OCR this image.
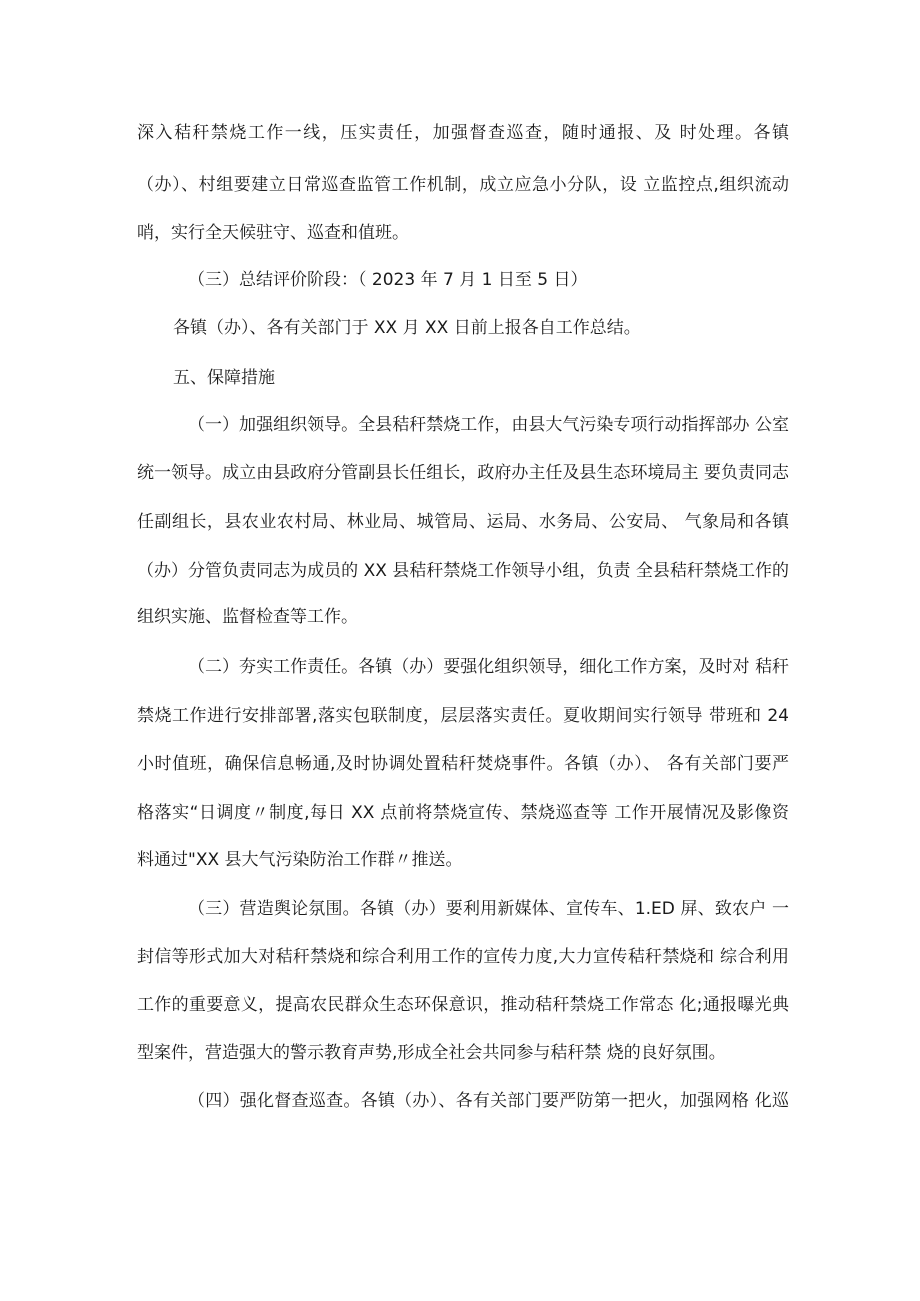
深入秸秆禁烧工作一线，压实责任，加强督查巡查，随时通报、及 时处理。各镇
（办）、村组要建立日常巡查监管工作机制，成立应急小分队，设 立监控点,组织流动
哨，实行全天候驻守、巡查和值班。
（三）总结评价阶段：（ 2023 年 7 月 1 日至 5 日）
各镇（办）、各有关部门于 XX 月 XX 日前上报各自工作总结。
五、保障措施
（一）加强组织领导。全县秸秆禁烧工作，由县大气污染专项行动指挥部办 公室
统一领导。成立由县政府分管副县长任组长，政府办主任及县生态环境局主 要负责同志
任副组长，县农业农村局、林业局、城管局、运局、水务局、公安局、 气象局和各镇
（办）分管负责同志为成员的 XX 县秸秆禁烧工作领导小组，负责 全县秸秆禁烧工作的
组织实施、监督检查等工作。
（二）夯实工作责任。各镇（办）要强化组织领导，细化工作方案，及时对 秸秆
禁烧工作进行安排部署,落实包联制度，层层落实责任。夏收期间实行领导 带班和 24
小时值班，确保信息畅通,及时协调处置秸秆焚烧事件。各镇（办）、 各有关部门要严
格落实“日调度〃制度,每日 XX 点前将禁烧宣传、禁烧巡查等 工作开展情况及影像资
料通过"XX 县大气污染防治工作群〃推送。
（三）营造舆论氛围。各镇（办）要利用新媒体、宣传车、1.ED 屏、致农户 一
封信等形式加大对秸秆禁烧和综合利用工作的宣传力度,大力宣传秸秆禁烧和 综合利用
工作的重要意义，提高农民群众生态环保意识，推动秸秆禁烧工作常态 化;通报曝光典
型案件，营造强大的警示教育声势,形成全社会共同参与秸秆禁 烧的良好氛围。
（四）强化督查巡查。各镇（办）、各有关部门要严防第一把火，加强网格 化巡
